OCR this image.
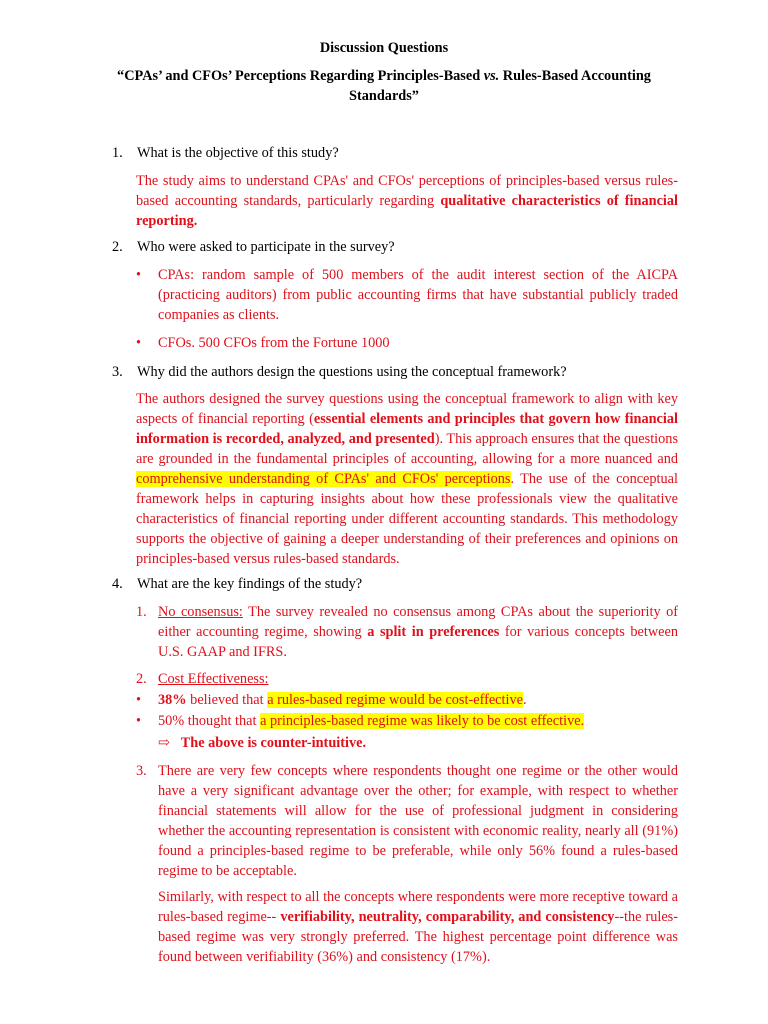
Discussion Questions
“CPAs’ and CFOs’ Perceptions Regarding Principles-Based vs. Rules-Based Accounting Standards”
1. What is the objective of this study?
The study aims to understand CPAs' and CFOs' perceptions of principles-based versus rules-based accounting standards, particularly regarding qualitative characteristics of financial reporting.
2. Who were asked to participate in the survey?
• CPAs: random sample of 500 members of the audit interest section of the AICPA (practicing auditors) from public accounting firms that have substantial publicly traded companies as clients.
• CFOs. 500 CFOs from the Fortune 1000
3. Why did the authors design the questions using the conceptual framework?
The authors designed the survey questions using the conceptual framework to align with key aspects of financial reporting (essential elements and principles that govern how financial information is recorded, analyzed, and presented). This approach ensures that the questions are grounded in the fundamental principles of accounting, allowing for a more nuanced and comprehensive understanding of CPAs' and CFOs' perceptions. The use of the conceptual framework helps in capturing insights about how these professionals view the qualitative characteristics of financial reporting under different accounting standards. This methodology supports the objective of gaining a deeper understanding of their preferences and opinions on principles-based versus rules-based standards.
4. What are the key findings of the study?
1. No consensus: The survey revealed no consensus among CPAs about the superiority of either accounting regime, showing a split in preferences for various concepts between U.S. GAAP and IFRS.
2. Cost Effectiveness:
• 38% believed that a rules-based regime would be cost-effective.
• 50% thought that a principles-based regime was likely to be cost effective.
⇨ The above is counter-intuitive.
3. There are very few concepts where respondents thought one regime or the other would have a very significant advantage over the other; for example, with respect to whether financial statements will allow for the use of professional judgment in considering whether the accounting representation is consistent with economic reality, nearly all (91%) found a principles-based regime to be preferable, while only 56% found a rules-based regime to be acceptable.
Similarly, with respect to all the concepts where respondents were more receptive toward a rules-based regime-- verifiability, neutrality, comparability, and consistency--the rules-based regime was very strongly preferred. The highest percentage point difference was found between verifiability (36%) and consistency (17%).
